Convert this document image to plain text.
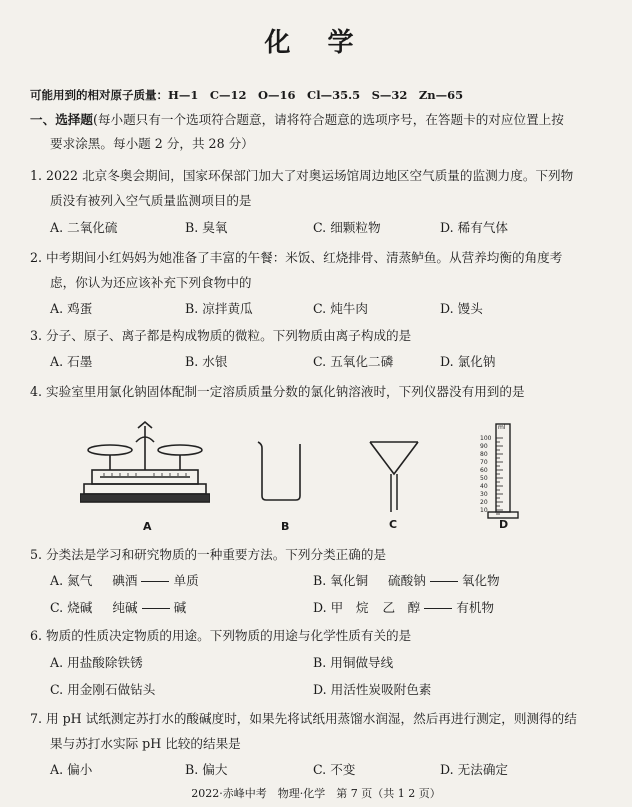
化 学
可能用到的相对原子质量：H—1　C—12　O—16　Cl—35.5　S—32　Zn—65
一、选择题(每小题只有一个选项符合题意，请将符合题意的选项序号，在答题卡的对应位置上按
要求涂黑。每小题 2 分，共 28 分）
1. 2022 北京冬奥会期间，国家环保部门加大了对奥运场馆周边地区空气质量的监测力度。下列物
质没有被列入空气质量监测项目的是
A. 二氧化硫	B. 臭氧	C. 细颗粒物	D. 稀有气体
2. 中考期间小红妈妈为她准备了丰富的午餐：米饭、红烧排骨、清蒸鲈鱼。从营养均衡的角度考
虑，你认为还应该补充下列食物中的
A. 鸡蛋	B. 凉拌黄瓜	C. 炖牛肉	D. 馒头
3. 分子、原子、离子都是构成物质的微粒。下列物质由离子构成的是
A. 石墨	B. 水银	C. 五氧化二磷	D. 氯化钠
4. 实验室里用氯化钠固体配制一定溶质质量分数的氯化钠溶液时，下列仪器没有用到的是
A	B	C
ml
100
90
80
70
60
50
40
30
20
10
D
5. 分类法是学习和研究物质的一种重要方法。下列分类正确的是
A. 氮气 碘酒	单质	B. 氧化铜 硫酸钠	氧化物
C. 烧碱 纯碱	碱	D. 甲　烷 乙　醇	有机物
6. 物质的性质决定物质的用途。下列物质的用途与化学性质有关的是
A. 用盐酸除铁锈	B. 用铜做导线
C. 用金刚石做钻头	D. 用活性炭吸附色素
7. 用 pH 试纸测定苏打水的酸碱度时，如果先将试纸用蒸馏水润湿，然后再进行测定，则测得的结
果与苏打水实际 pH 比较的结果是
A. 偏小	B. 偏大	C. 不变	D. 无法确定
2022·赤峰中考　物理·化学　第 7 页（共 1 2 页）
